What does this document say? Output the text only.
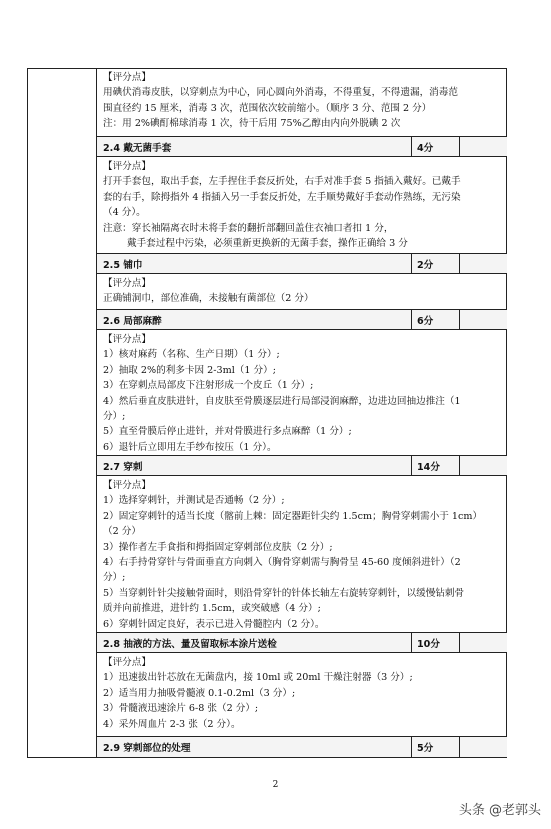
【评分点】
用碘伏消毒皮肤，以穿刺点为中心，同心圆向外消毒，不得重复，不得遗漏，消毒范
围直径约 15 厘米，消毒 3 次，范围依次较前缩小。（顺序 3 分、范围 2 分）
注：用 2%碘酊棉球消毒 1 次，待干后用 75%乙醇由内向外脱碘 2 次
2.4 戴无菌手套	4分
【评分点】
打开手套包，取出手套，左手捏住手套反折处，右手对准手套 5 指插入戴好。已戴手
套的右手，除拇指外 4 指插入另一手套反折处，左手顺势戴好手套动作熟练，无污染
（4 分）。
注意：穿长袖隔离衣时未将手套的翻折部翻回盖住衣袖口者扣 1 分，
戴手套过程中污染，必须重新更换新的无菌手套，操作正确给 3 分
2.5 铺巾	2分
【评分点】
正确铺洞巾，部位准确，未接触有菌部位（2 分）
2.6 局部麻醉	6分
【评分点】
1）核对麻药（名称、生产日期）（1 分）;
2）抽取 2%的利多卡因 2-3ml（1 分）;
3）在穿刺点局部皮下注射形成一个皮丘（1 分）;
4）然后垂直皮肤进针，自皮肤至骨膜逐层进行局部浸润麻醉，边进边回抽边推注（1
分）;
5）直至骨膜后停止进针，并对骨膜进行多点麻醉（1 分）;
6）退针后立即用左手纱布按压（1 分）。
2.7 穿刺	14分
【评分点】
1）选择穿刺针，并测试是否通畅（2 分）;
2）固定穿刺针的适当长度（髂前上棘：固定器距针尖约 1.5cm；胸骨穿刺需小于 1cm）
（2 分）
3）操作者左手食指和拇指固定穿刺部位皮肤（2 分）;
4）右手持骨穿针与骨面垂直方向刺入（胸骨穿刺需与胸骨呈 45-60 度倾斜进针）（2
分）;
5）当穿刺针针尖接触骨面时，则沿骨穿针的针体长轴左右旋转穿刺针，以缓慢钻刺骨
质并向前推进，进针约 1.5cm，或突破感（4 分）;
6）穿刺针固定良好，表示已进入骨髓腔内（2 分）。
2.8 抽液的方法、量及留取标本涂片送检	10分
【评分点】
1）迅速拔出针芯放在无菌盘内，接 10ml 或 20ml 干燥注射器（3 分）;
2）适当用力抽吸骨髓液 0.1-0.2ml（3 分）;
3）骨髓液迅速涂片 6-8 张（2 分）;
4）采外周血片 2-3 张（2 分）。
2.9 穿刺部位的处理	5分
2
头条 @老郭头
